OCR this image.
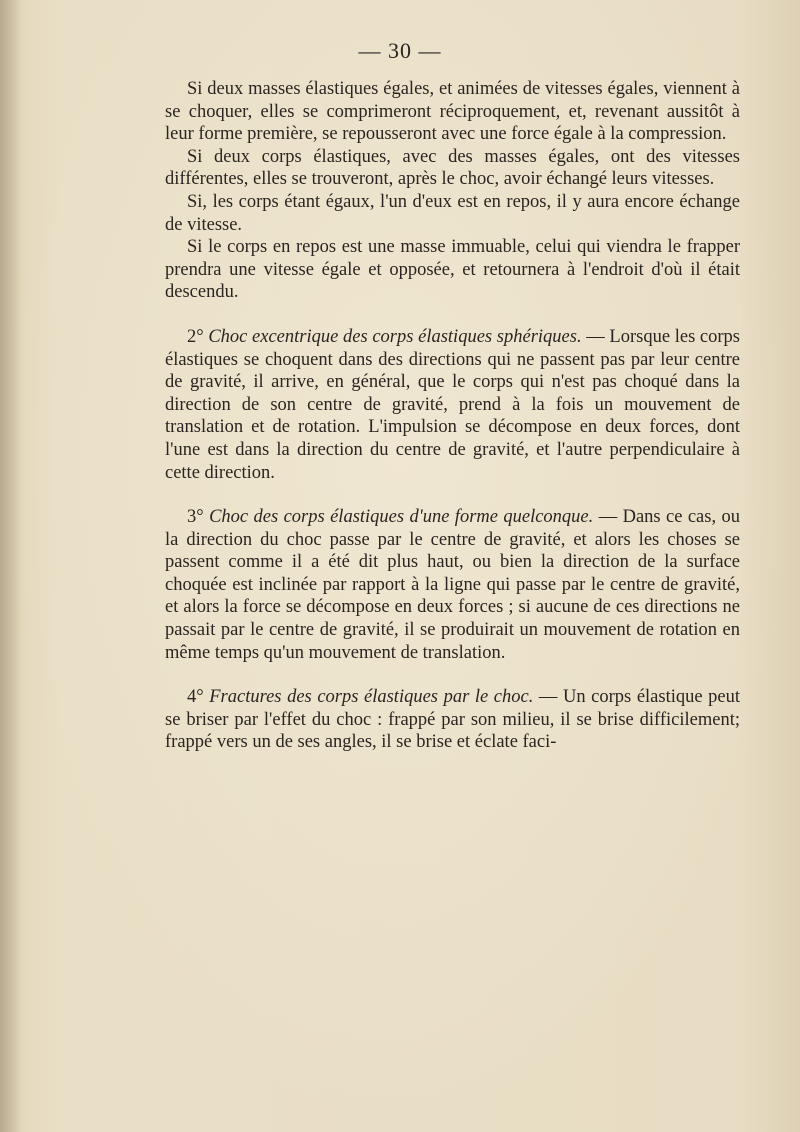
— 30 —

Si deux masses élastiques égales, et animées de vitesses égales, viennent à se choquer, elles se comprimeront réciproquement, et, revenant aussitôt à leur forme première, se repousseront avec une force égale à la compression.

Si deux corps élastiques, avec des masses égales, ont des vitesses différentes, elles se trouveront, après le choc, avoir échangé leurs vitesses.

Si, les corps étant égaux, l'un d'eux est en repos, il y aura encore échange de vitesse.

Si le corps en repos est une masse immuable, celui qui viendra le frapper prendra une vitesse égale et opposée, et retournera à l'endroit d'où il était descendu.

2° Choc excentrique des corps élastiques sphériques. — Lorsque les corps élastiques se choquent dans des directions qui ne passent pas par leur centre de gravité, il arrive, en général, que le corps qui n'est pas choqué dans la direction de son centre de gravité, prend à la fois un mouvement de translation et de rotation. L'impulsion se décompose en deux forces, dont l'une est dans la direction du centre de gravité, et l'autre perpendiculaire à cette direction.

3° Choc des corps élastiques d'une forme quelconque. — Dans ce cas, ou la direction du choc passe par le centre de gravité, et alors les choses se passent comme il a été dit plus haut, ou bien la direction de la surface choquée est inclinée par rapport à la ligne qui passe par le centre de gravité, et alors la force se décompose en deux forces ; si aucune de ces directions ne passait par le centre de gravité, il se produirait un mouvement de rotation en même temps qu'un mouvement de translation.

4° Fractures des corps élastiques par le choc. — Un corps élastique peut se briser par l'effet du choc : frappé par son milieu, il se brise difficilement; frappé vers un de ses angles, il se brise et éclate faci-
